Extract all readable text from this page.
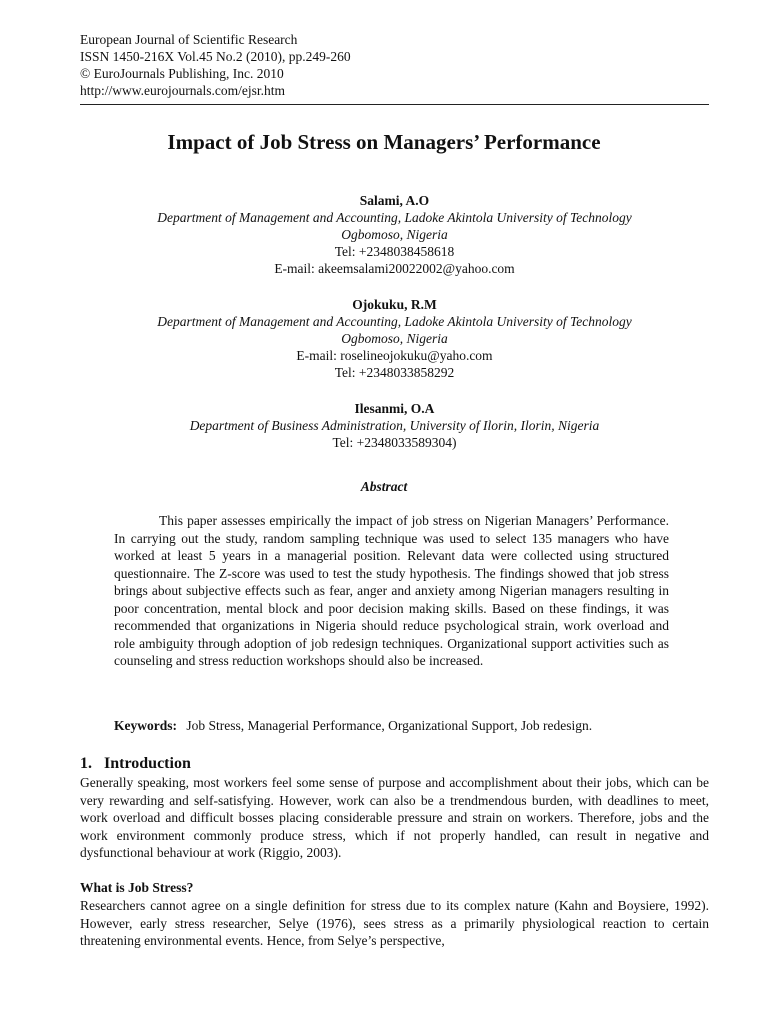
European Journal of Scientific Research
ISSN 1450-216X Vol.45 No.2 (2010), pp.249-260
© EuroJournals Publishing, Inc. 2010
http://www.eurojournals.com/ejsr.htm
Impact of Job Stress on Managers’ Performance
Salami, A.O
Department of Management and Accounting, Ladoke Akintola University of Technology
Ogbomoso, Nigeria
Tel: +2348038458618
E-mail: akeemsalami20022002@yahoo.com
Ojokuku, R.M
Department of Management and Accounting, Ladoke Akintola University of Technology
Ogbomoso, Nigeria
E-mail: roselineojokuku@yaho.com
Tel: +2348033858292
Ilesanmi, O.A
Department of Business Administration, University of Ilorin, Ilorin, Nigeria
Tel: +2348033589304)
Abstract
This paper assesses empirically the impact of job stress on Nigerian Managers’ Performance. In carrying out the study, random sampling technique was used to select 135 managers who have worked at least 5 years in a managerial position. Relevant data were collected using structured questionnaire. The Z-score was used to test the study hypothesis. The findings showed that job stress brings about subjective effects such as fear, anger and anxiety among Nigerian managers resulting in poor concentration, mental block and poor decision making skills. Based on these findings, it was recommended that organizations in Nigeria should reduce psychological strain, work overload and role ambiguity through adoption of job redesign techniques. Organizational support activities such as counseling and stress reduction workshops should also be increased.
Keywords: Job Stress, Managerial Performance, Organizational Support, Job redesign.
1. Introduction
Generally speaking, most workers feel some sense of purpose and accomplishment about their jobs, which can be very rewarding and self-satisfying. However, work can also be a trendmendous burden, with deadlines to meet, work overload and difficult bosses placing considerable pressure and strain on workers. Therefore, jobs and the work environment commonly produce stress, which if not properly handled, can result in negative and dysfunctional behaviour at work (Riggio, 2003).
What is Job Stress?
Researchers cannot agree on a single definition for stress due to its complex nature (Kahn and Boysiere, 1992). However, early stress researcher, Selye (1976), sees stress as a primarily physiological reaction to certain threatening environmental events. Hence, from Selye’s perspective,
